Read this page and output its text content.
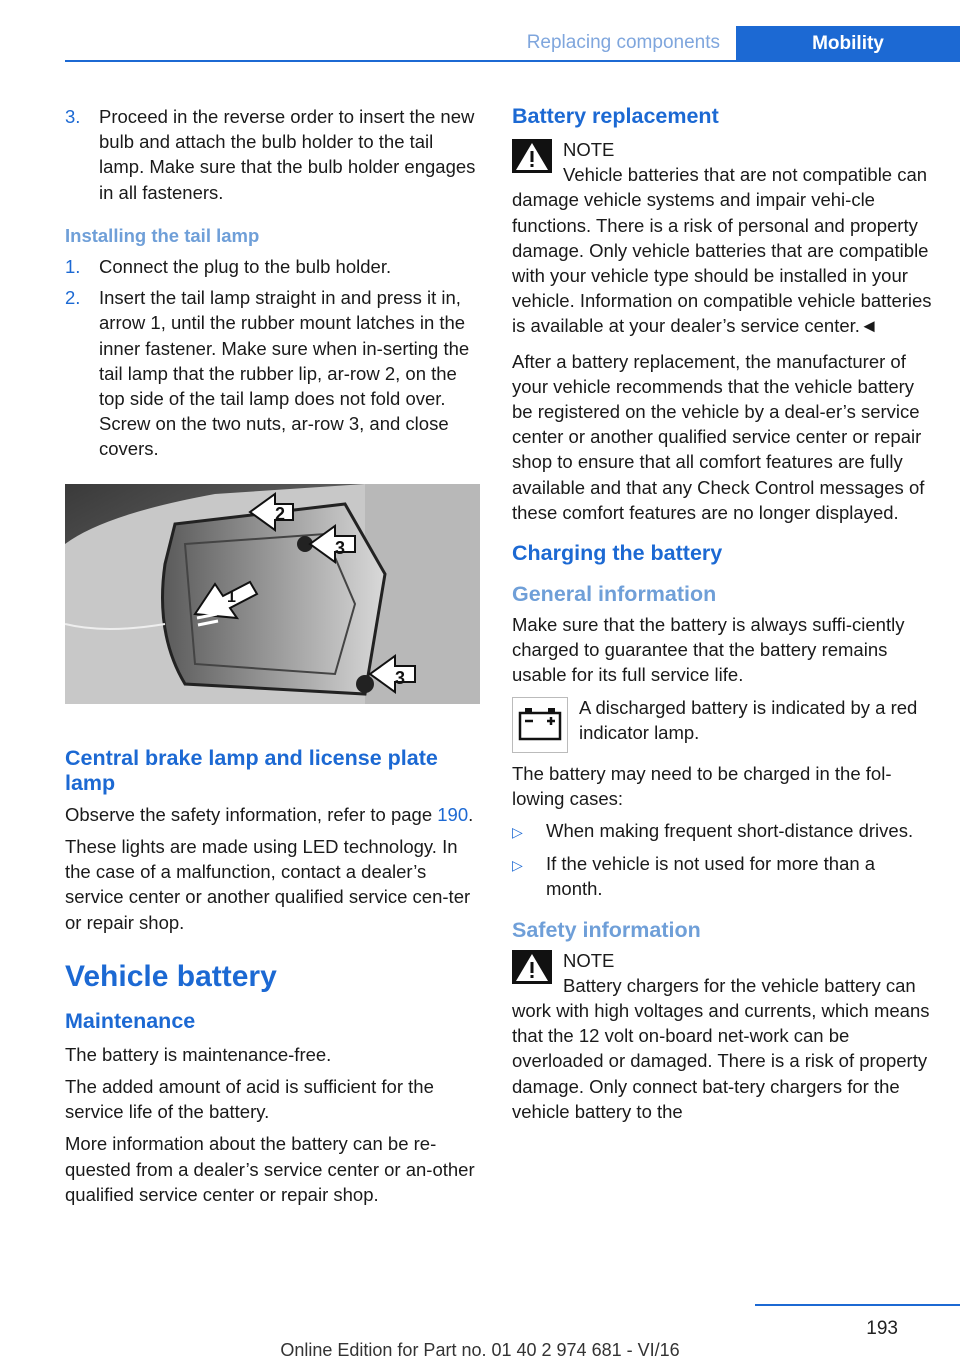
Replacing components	Mobility
3.	Proceed in the reverse order to insert the new bulb and attach the bulb holder to the tail lamp. Make sure that the bulb holder engages in all fasteners.
Installing the tail lamp
1.	Connect the plug to the bulb holder.
2.	Insert the tail lamp straight in and press it in, arrow 1, until the rubber mount latches in the inner fastener. Make sure when in-serting the tail lamp that the rubber lip, ar-row 2, on the top side of the tail lamp does not fold over. Screw on the two nuts, ar-row 3, and close covers.
2
3
1
3
Central brake lamp and license plate lamp

Observe the safety information, refer to page 190.

These lights are made using LED technology. In the case of a malfunction, contact a dealer’s service center or another qualified service cen-ter or repair shop.

Vehicle battery
Maintenance

The battery is maintenance-free.

The added amount of acid is sufficient for the service life of the battery.

More information about the battery can be re-quested from a dealer’s service center or an-other qualified service center or repair shop.

Battery replacement
NOTE
Vehicle batteries that are not compatible can damage vehicle systems and impair vehi-cle functions. There is a risk of personal and property damage. Only vehicle batteries that are compatible with your vehicle type should be installed in your vehicle. Information on compatible vehicle batteries is available at your dealer’s service center.◄

After a battery replacement, the manufacturer of your vehicle recommends that the vehicle battery be registered on the vehicle by a deal-er’s service center or another qualified service center or repair shop to ensure that all comfort features are fully available and that any Check Control messages of these comfort features are no longer displayed.

Charging the battery
General information

Make sure that the battery is always suffi-ciently charged to guarantee that the battery remains usable for its full service life.

A discharged battery is indicated by a red indicator lamp.

The battery may need to be charged in the fol-lowing cases:

▷	When making frequent short-distance drives.
▷	If the vehicle is not used for more than a month.
Safety information
NOTE
Battery chargers for the vehicle battery can work with high voltages and currents, which means that the 12 volt on-board net-work can be overloaded or damaged. There is a risk of property damage. Only connect bat-tery chargers for the vehicle battery to the
193
Online Edition for Part no. 01 40 2 974 681 - VI/16
